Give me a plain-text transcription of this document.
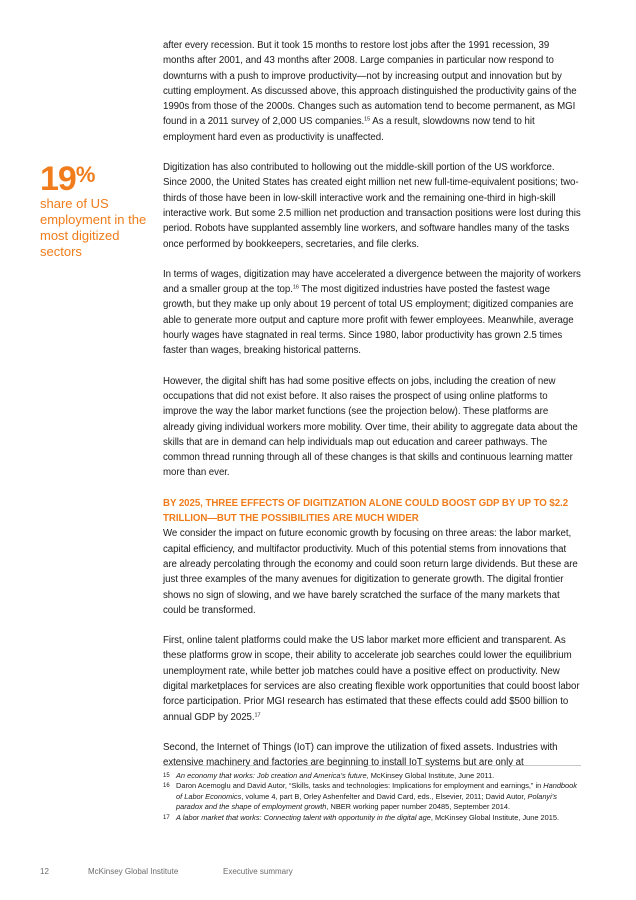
19%
share of US employment in the most digitized sectors

after every recession. But it took 15 months to restore lost jobs after the 1991 recession, 39 months after 2001, and 43 months after 2008. Large companies in particular now respond to downturns with a push to improve productivity—not by increasing output and innovation but by cutting employment. As discussed above, this approach distinguished the productivity gains of the 1990s from those of the 2000s. Changes such as automation tend to become permanent, as MGI found in a 2011 survey of 2,000 US companies.$^{15}$ As a result, slowdowns now tend to hit employment hard even as productivity is unaffected.

Digitization has also contributed to hollowing out the middle-skill portion of the US workforce. Since 2000, the United States has created eight million net new full-time-equivalent positions; two-thirds of those have been in low-skill interactive work and the remaining one-third in high-skill interactive work. But some 2.5 million net production and transaction positions were lost during this period. Robots have supplanted assembly line workers, and software handles many of the tasks once performed by bookkeepers, secretaries, and file clerks.

In terms of wages, digitization may have accelerated a divergence between the majority of workers and a smaller group at the top.$^{16}$ The most digitized industries have posted the fastest wage growth, but they make up only about 19 percent of total US employment; digitized companies are able to generate more output and capture more profit with fewer employees. Meanwhile, average hourly wages have stagnated in real terms. Since 1980, labor productivity has grown 2.5 times faster than wages, breaking historical patterns.

However, the digital shift has had some positive effects on jobs, including the creation of new occupations that did not exist before. It also raises the prospect of using online platforms to improve the way the labor market functions (see the projection below). These platforms are already giving individual workers more mobility. Over time, their ability to aggregate data about the skills that are in demand can help individuals map out education and career pathways. The common thread running through all of these changes is that skills and continuous learning matter more than ever.

BY 2025, THREE EFFECTS OF DIGITIZATION ALONE COULD BOOST GDP BY UP TO $2.2 TRILLION—BUT THE POSSIBILITIES ARE MUCH WIDER

We consider the impact on future economic growth by focusing on three areas: the labor market, capital efficiency, and multifactor productivity. Much of this potential stems from innovations that are already percolating through the economy and could soon return large dividends. But these are just three examples of the many avenues for digitization to generate growth. The digital frontier shows no sign of slowing, and we have barely scratched the surface of the many markets that could be transformed.

First, online talent platforms could make the US labor market more efficient and transparent. As these platforms grow in scope, their ability to accelerate job searches could lower the equilibrium unemployment rate, while better job matches could have a positive effect on productivity. New digital marketplaces for services are also creating flexible work opportunities that could boost labor force participation. Prior MGI research has estimated that these effects could add $500 billion to annual GDP by 2025.17

Second, the Internet of Things (IoT) can improve the utilization of fixed assets. Industries with extensive machinery and factories are beginning to install IoT systems but are only at

15 An economy that works: Job creation and America’s future, McKinsey Global Institute, June 2011.
16 Daron Acemoglu and David Autor, “Skills, tasks and technologies: Implications for employment and earnings,” in Handbook of Labor Economics, volume 4, part B, Orley Ashenfelter and David Card, eds., Elsevier, 2011; David Autor, Polanyi’s paradox and the shape of employment growth, NBER working paper number 20485, September 2014.
17 A labor market that works: Connecting talent with opportunity in the digital age, McKinsey Global Institute, June 2015.
12	McKinsey Global Institute	Executive summary
